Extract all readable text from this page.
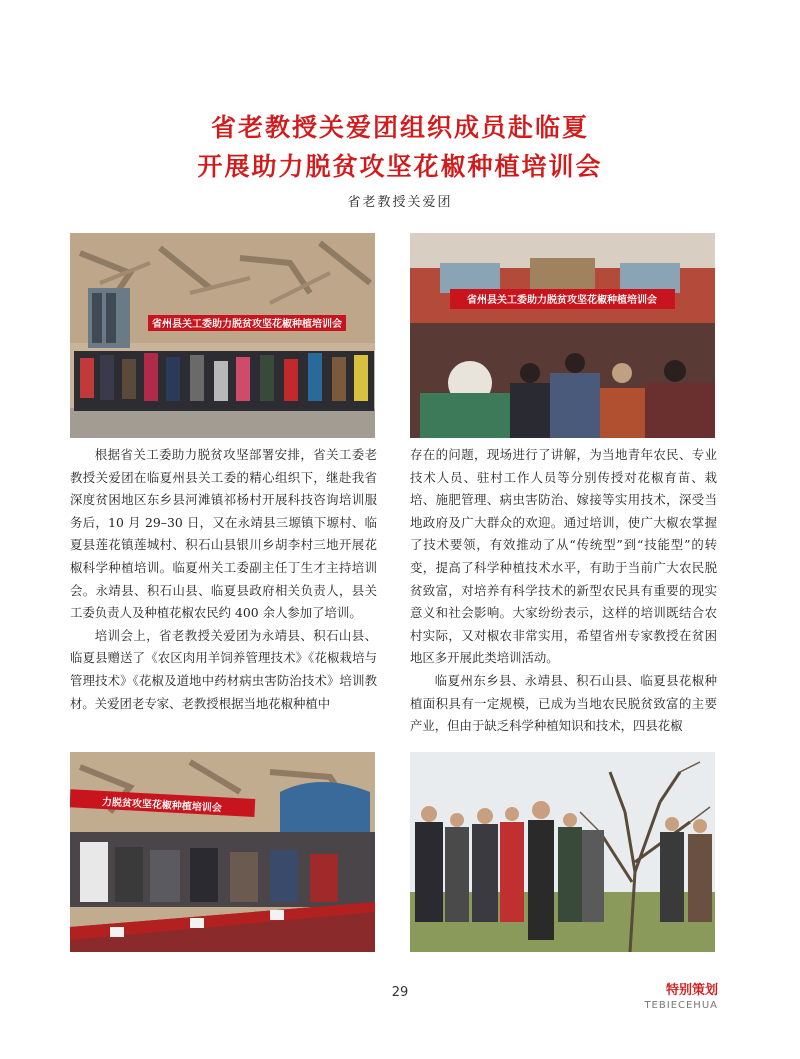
省老教授关爱团组织成员赴临夏
开展助力脱贫攻坚花椒种植培训会
省老教授关爱团
省州县关工委助力脱贫攻坚花椒种植培训会
省州县关工委助力脱贫攻坚花椒种植培训会
力脱贫攻坚花椒种植培训会

根据省关工委助力脱贫攻坚部署安排，省关工委老教授关爱团在临夏州县关工委的精心组织下，继赴我省深度贫困地区东乡县河滩镇祁杨村开展科技咨询培训服务后，10 月 29–30 日，又在永靖县三塬镇下塬村、临夏县莲花镇莲城村、积石山县银川乡胡李村三地开展花椒科学种植培训。临夏州关工委副主任丁生才主持培训会。永靖县、积石山县、临夏县政府相关负责人，县关工委负责人及种植花椒农民约 400 余人参加了培训。

培训会上，省老教授关爱团为永靖县、积石山县、临夏县赠送了《农区肉用羊饲养管理技术》《花椒栽培与管理技术》《花椒及道地中药材病虫害防治技术》培训教材。关爱团老专家、老教授根据当地花椒种植中

存在的问题，现场进行了讲解，为当地青年农民、专业技术人员、驻村工作人员等分别传授对花椒育苗、栽培、施肥管理、病虫害防治、嫁接等实用技术，深受当地政府及广大群众的欢迎。通过培训，使广大椒农掌握了技术要领，有效推动了从“传统型”到“技能型”的转变，提高了科学种植技术水平，有助于当前广大农民脱贫致富，对培养有科学技术的新型农民具有重要的现实意义和社会影响。大家纷纷表示，这样的培训既结合农村实际，又对椒农非常实用，希望省州专家教授在贫困地区多开展此类培训活动。

临夏州东乡县、永靖县、积石山县、临夏县花椒种植面积具有一定规模，已成为当地农民脱贫致富的主要产业，但由于缺乏科学种植知识和技术，四县花椒

29	特别策划
TEBIECEHUA
